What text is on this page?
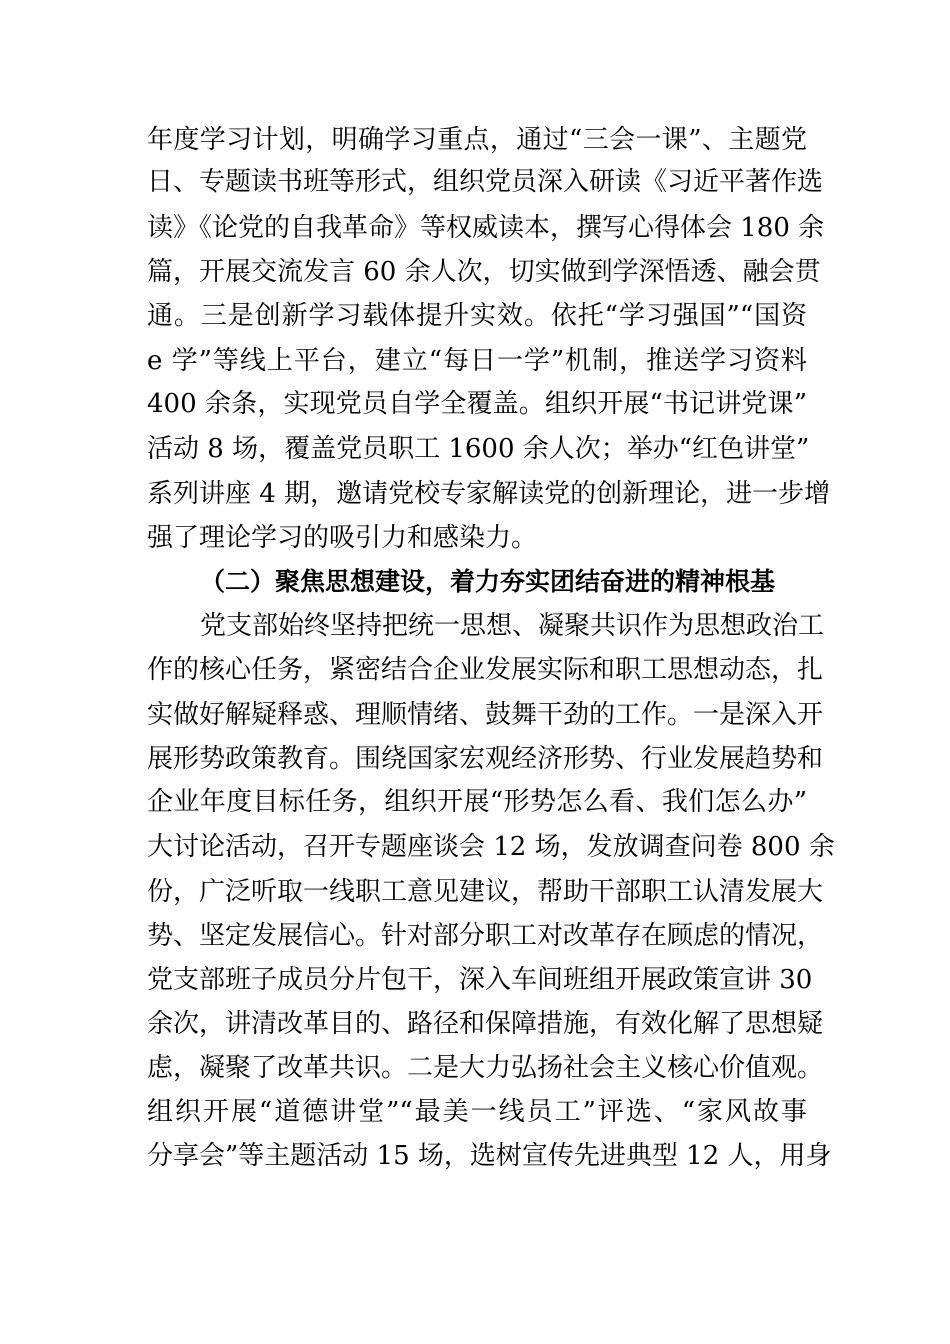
年度学习计划，明确学习重点，通过“三会一课”、主题党
日、专题读书班等形式，组织党员深入研读《习近平著作选
读》《论党的自我革命》等权威读本，撰写心得体会 180 余
篇，开展交流发言 60 余人次，切实做到学深悟透、融会贯
通。三是创新学习载体提升实效。依托“学习强国”“国资
e 学”等线上平台，建立“每日一学”机制，推送学习资料
400 余条，实现党员自学全覆盖。组织开展“书记讲党课”
活动 8 场，覆盖党员职工 1600 余人次；举办“红色讲堂”
系列讲座 4 期，邀请党校专家解读党的创新理论，进一步增
强了理论学习的吸引力和感染力。
（二）聚焦思想建设，着力夯实团结奋进的精神根基
党支部始终坚持把统一思想、凝聚共识作为思想政治工
作的核心任务，紧密结合企业发展实际和职工思想动态，扎
实做好解疑释惑、理顺情绪、鼓舞干劲的工作。一是深入开
展形势政策教育。围绕国家宏观经济形势、行业发展趋势和
企业年度目标任务，组织开展“形势怎么看、我们怎么办”
大讨论活动，召开专题座谈会 12 场，发放调查问卷 800 余
份，广泛听取一线职工意见建议，帮助干部职工认清发展大
势、坚定发展信心。针对部分职工对改革存在顾虑的情况，
党支部班子成员分片包干，深入车间班组开展政策宣讲 30
余次，讲清改革目的、路径和保障措施，有效化解了思想疑
虑，凝聚了改革共识。二是大力弘扬社会主义核心价值观。
组织开展“道德讲堂”“最美一线员工”评选、“家风故事
分享会”等主题活动 15 场，选树宣传先进典型 12 人，用身
